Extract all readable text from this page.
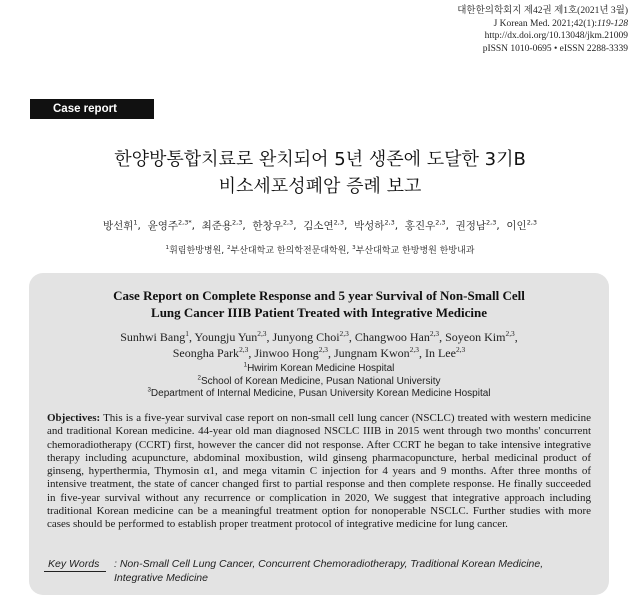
대한한의학회지 제42권 제1호(2021년 3월)
J Korean Med. 2021;42(1):119-128
http://dx.doi.org/10.13048/jkm.21009
pISSN 1010-0695 • eISSN 2288-3339
Case report
한양방통합치료로 완치되어 5년 생존에 도달한 3기B
비소세포성폐암 증례 보고
방선휘$^1$,  윤영주$^{2,3*}$,  최준용$^{2,3}$,  한창우$^{2,3}$,  김소연$^{2,3}$,  박성하$^{2,3}$,  홍진우$^{2,3}$,  권정남$^{2,3}$,  이인$^{2,3}$
$^1$휘림한방병원, $^2$부산대학교 한의학전문대학원, $^3$부산대학교 한방병원 한방내과
Case Report on Complete Response and 5 year Survival of Non-Small Cell
Lung Cancer IIIB Patient Treated with Integrative Medicine
Sunhwi Bang$^1$, Youngju Yun$^{2,3}$, Junyong Choi$^{2,3}$, Changwoo Han$^{2,3}$, Soyeon Kim$^{2,3}$,
Seongha Park$^{2,3}$, Jinwoo Hong$^{2,3}$, Jungnam Kwon$^{2,3}$, In Lee$^{2,3}$
$^1$Hwirim Korean Medicine Hospital
$^2$School of Korean Medicine, Pusan National University
$^3$Department of Internal Medicine, Pusan University Korean Medicine Hospital
Objectives: This is a five-year survival case report on non-small cell lung cancer (NSCLC) treated with western medicine and traditional Korean medicine. 44-year old man diagnosed NSCLC IIIB in 2015 went through two months' concurrent chemoradiotherapy (CCRT) first, however the cancer did not response. After CCRT he began to take intensive integrative therapy including acupuncture, abdominal moxibustion, wild ginseng pharmacopuncture, herbal medicinal product of ginseng, hyperthermia, Thymosin α1, and mega vitamin C injection for 4 years and 9 months. After three months of intensive treatment, the state of cancer changed first to partial response and then complete response. He finally succeeded in five-year survival without any recurrence or complication in 2020, We suggest that integrative approach including traditional Korean medicine can be a meaningful treatment option for nonoperable NSCLC. Further studies with more cases should be performed to establish proper treatment protocol of integrative medicine for lung cancer.
Key Words	: Non-Small Cell Lung Cancer, Concurrent Chemoradiotherapy, Traditional Korean Medicine, Integrative Medicine
